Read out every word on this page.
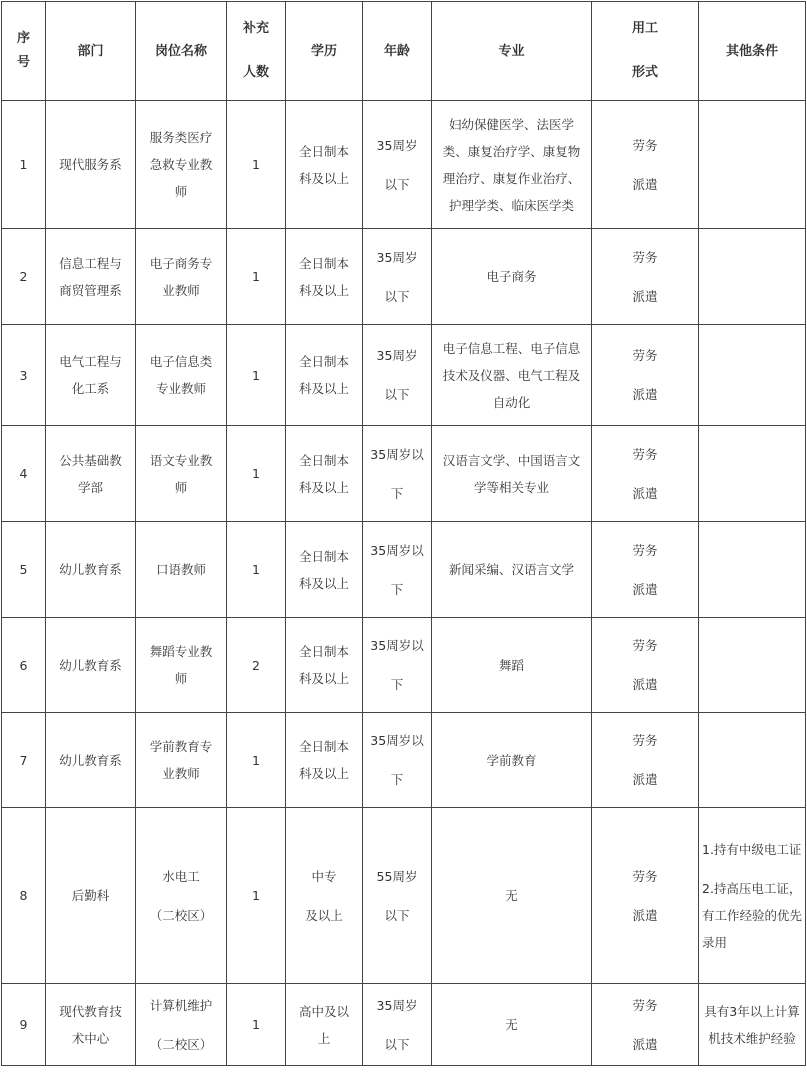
序
号	部门	岗位名称	补充
人数	学历	年龄	专业	用工
形式	其他条件

1	现代服务系	服务类医疗
急救专业教
师	1	全日制本
科及以上	35周岁
以下	妇幼保健医学、法医学
类、康复治疗学、康复物
理治疗、康复作业治疗、
护理学类、临床医学类	劳务
派遣	

2	信息工程与
商贸管理系	电子商务专
业教师	1	全日制本
科及以上	35周岁
以下	电子商务	劳务
派遣	

3	电气工程与
化工系	电子信息类
专业教师	1	全日制本
科及以上	35周岁
以下	电子信息工程、电子信息
技术及仪器、电气工程及
自动化	劳务
派遣	

4	公共基础教
学部	语文专业教
师	1	全日制本
科及以上	35周岁以
下	汉语言文学、中国语言文
学等相关专业	劳务
派遣	

5	幼儿教育系	口语教师	1	全日制本
科及以上	35周岁以
下	新闻采编、汉语言文学	劳务
派遣	

6	幼儿教育系	舞蹈专业教
师	2	全日制本
科及以上	35周岁以
下	舞蹈	劳务
派遣	

7	幼儿教育系	学前教育专
业教师	1	全日制本
科及以上	35周岁以
下	学前教育	劳务
派遣	

8	后勤科	水电工
（二校区）	1	中专
及以上	55周岁
以下	无	劳务
派遣	1.持有中级电工证
2.持高压电工证，有工作经验的优先录用

9	现代教育技
术中心	计算机维护
（二校区）	1	高中及以
上	35周岁
以下	无	劳务
派遣	具有3年以上计算机技术维护经验
